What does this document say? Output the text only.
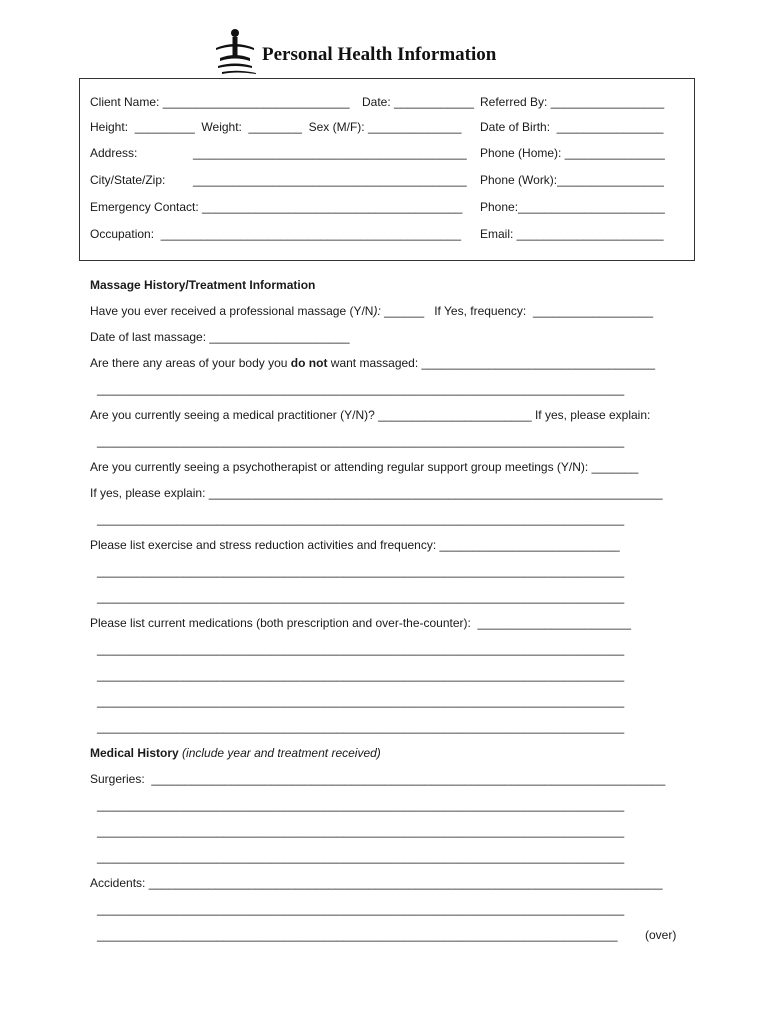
Personal Health Information
Client Name: ____________________________ Date: ____________ Referred By: _________________
Height:  _________  Weight:  ________  Sex (M/F): ______________ Date of Birth:  ________________
Address:	_________________________________________ Phone (Home): _______________
City/State/Zip: _________________________________________ Phone (Work):________________
Emergency Contact: _______________________________________ Phone:______________________
Occupation:  _____________________________________________ Email: ______________________
Massage History/Treatment Information
Have you ever received a professional massage (Y/N): ______   If Yes, frequency:  __________________
Date of last massage: _____________________
Are there any areas of your body you do not want massaged: ___________________________________
_______________________________________________________________________________
Are you currently seeing a medical practitioner (Y/N)? _______________________ If yes, please explain:
_______________________________________________________________________________
Are you currently seeing a psychotherapist or attending regular support group meetings (Y/N): _______
If yes, please explain: ____________________________________________________________________
_______________________________________________________________________________
Please list exercise and stress reduction activities and frequency: ___________________________
_______________________________________________________________________________
_______________________________________________________________________________
Please list current medications (both prescription and over-the-counter):  _______________________
_______________________________________________________________________________
_______________________________________________________________________________
_______________________________________________________________________________
_______________________________________________________________________________
Medical History (include year and treatment received)
Surgeries:  _____________________________________________________________________________
_______________________________________________________________________________
_______________________________________________________________________________
_______________________________________________________________________________
Accidents: _____________________________________________________________________________
_______________________________________________________________________________
______________________________________________________________________________ (over)
